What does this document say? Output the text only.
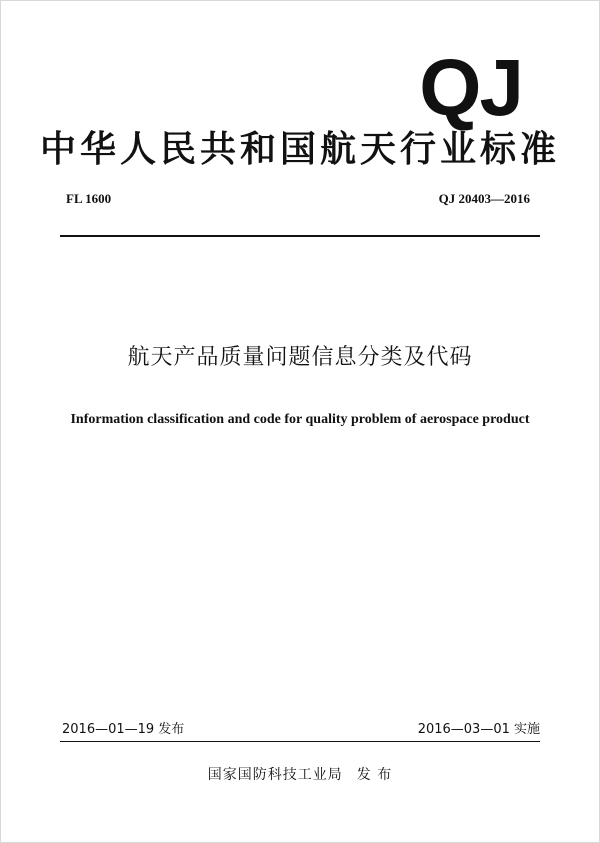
QJ
中华人民共和国航天行业标准
FL 1600	QJ 20403—2016
航天产品质量问题信息分类及代码
Information classification and code for quality problem of aerospace product
2016—01—19 发布	2016—03—01 实施
国家国防科技工业局 发 布
